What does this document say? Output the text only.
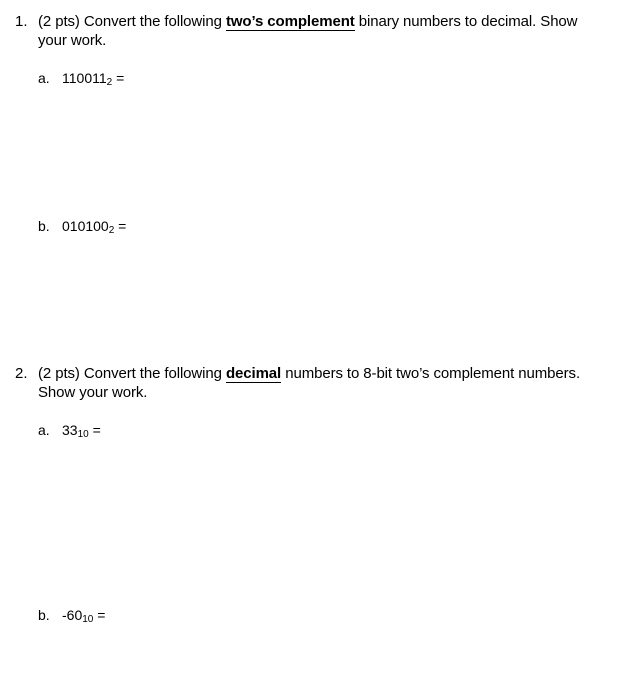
1. (2 pts) Convert the following two’s complement binary numbers to decimal. Show
your work.
a. $110011_2$ =
b. $010100_2$ =
2. (2 pts) Convert the following decimal numbers to 8-bit two’s complement numbers.
Show your work.
a. $33_{10}$ =
b. $-60_{10}$ =
